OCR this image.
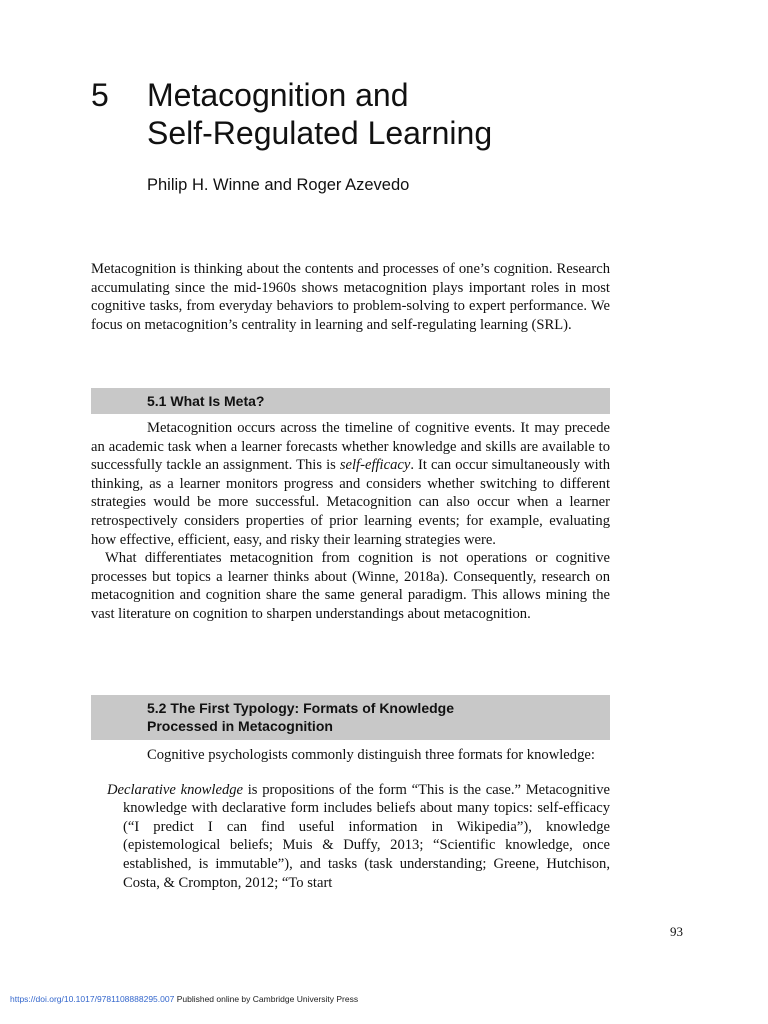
5 Metacognition and
Self-Regulated Learning
Philip H. Winne and Roger Azevedo

Metacognition is thinking about the contents and processes of one’s cognition. Research accumulating since the mid-1960s shows metacognition plays important roles in most cognitive tasks, from everyday behaviors to problem-solving to expert performance. We focus on metacognition’s centrality in learning and self-regulating learning (SRL).

5.1 What Is Meta?

Metacognition occurs across the timeline of cognitive events. It may precede an academic task when a learner forecasts whether knowledge and skills are available to successfully tackle an assignment. This is self-efficacy. It can occur simultaneously with thinking, as a learner monitors progress and considers whether switching to different strategies would be more successful. Metacognition can also occur when a learner retrospectively considers properties of prior learning events; for example, evaluating how effective, efficient, easy, and risky their learning strategies were.

What differentiates metacognition from cognition is not operations or cognitive processes but topics a learner thinks about (Winne, 2018a). Consequently, research on metacognition and cognition share the same general paradigm. This allows mining the vast literature on cognition to sharpen understandings about metacognition.

5.2 The First Typology: Formats of Knowledge
Processed in Metacognition

Cognitive psychologists commonly distinguish three formats for knowledge:

Declarative knowledge is propositions of the form “This is the case.” Metacognitive knowledge with declarative form includes beliefs about many topics: self-efficacy (“I predict I can find useful information in Wikipedia”), knowledge (epistemological beliefs; Muis & Duffy, 2013; “Scientific knowledge, once established, is immutable”), and tasks (task understanding; Greene, Hutchison, Costa, & Crompton, 2012; “To start

93
https://doi.org/10.1017/9781108888295.007 Published online by Cambridge University Press
